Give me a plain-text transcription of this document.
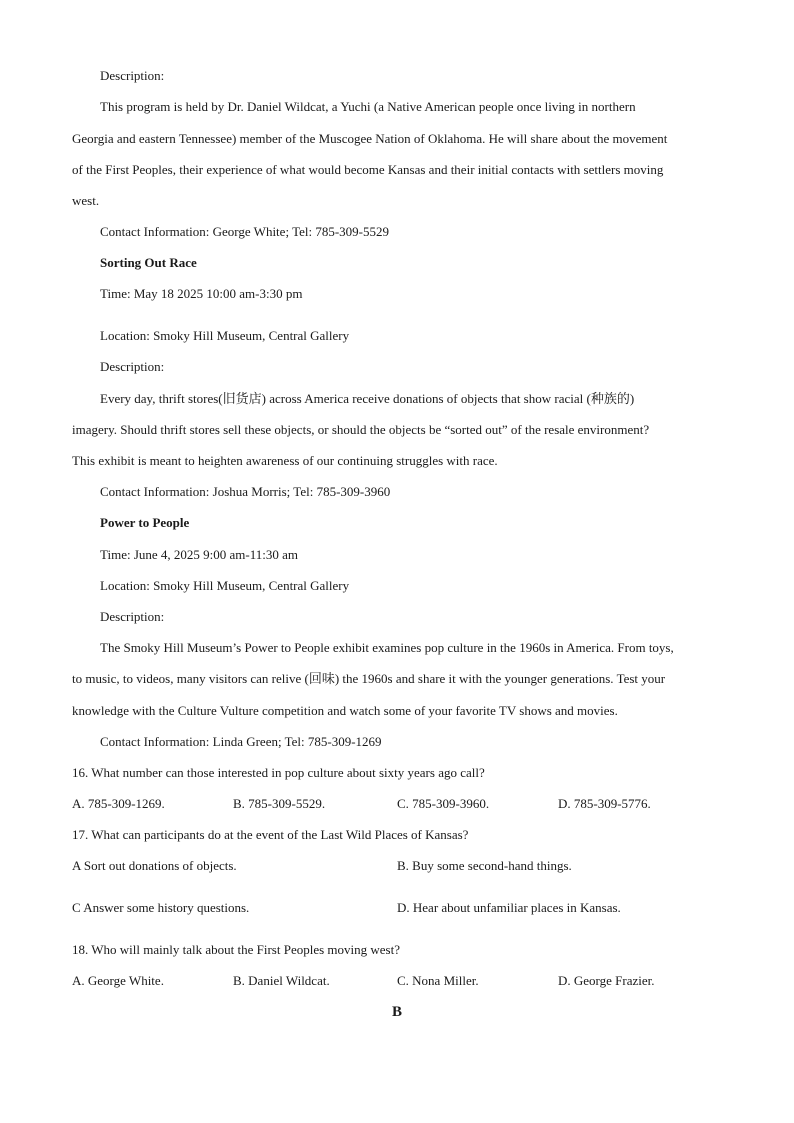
Description:
This program is held by Dr. Daniel Wildcat, a Yuchi (a Native American people once living in northern
Georgia and eastern Tennessee) member of the Muscogee Nation of Oklahoma. He will share about the movement
of the First Peoples, their experience of what would become Kansas and their initial contacts with settlers moving
west.
Contact Information: George White; Tel: 785-309-5529
Sorting Out Race
Time: May 18 2025 10:00 am-3:30 pm
Location: Smoky Hill Museum, Central Gallery
Description:
Every day, thrift stores(旧货店) across America receive donations of objects that show racial (种族的)
imagery. Should thrift stores sell these objects, or should the objects be “sorted out” of the resale environment?
This exhibit is meant to heighten awareness of our continuing struggles with race.
Contact Information: Joshua Morris; Tel: 785-309-3960
Power to People
Time: June 4, 2025 9:00 am-11:30 am
Location: Smoky Hill Museum, Central Gallery
Description:
The Smoky Hill Museum’s Power to People exhibit examines pop culture in the 1960s in America. From toys,
to music, to videos, many visitors can relive (回味) the 1960s and share it with the younger generations. Test your
knowledge with the Culture Vulture competition and watch some of your favorite TV shows and movies.
Contact Information: Linda Green; Tel: 785-309-1269
16. What number can those interested in pop culture about sixty years ago call?
A. 785-309-1269.	B. 785-309-5529.	C. 785-309-3960.	D. 785-309-5776.
17. What can participants do at the event of the Last Wild Places of Kansas?
A Sort out donations of objects.	B. Buy some second-hand things.
C Answer some history questions.	D. Hear about unfamiliar places in Kansas.
18. Who will mainly talk about the First Peoples moving west?
A. George White.	B. Daniel Wildcat.	C. Nona Miller.	D. George Frazier.
B
